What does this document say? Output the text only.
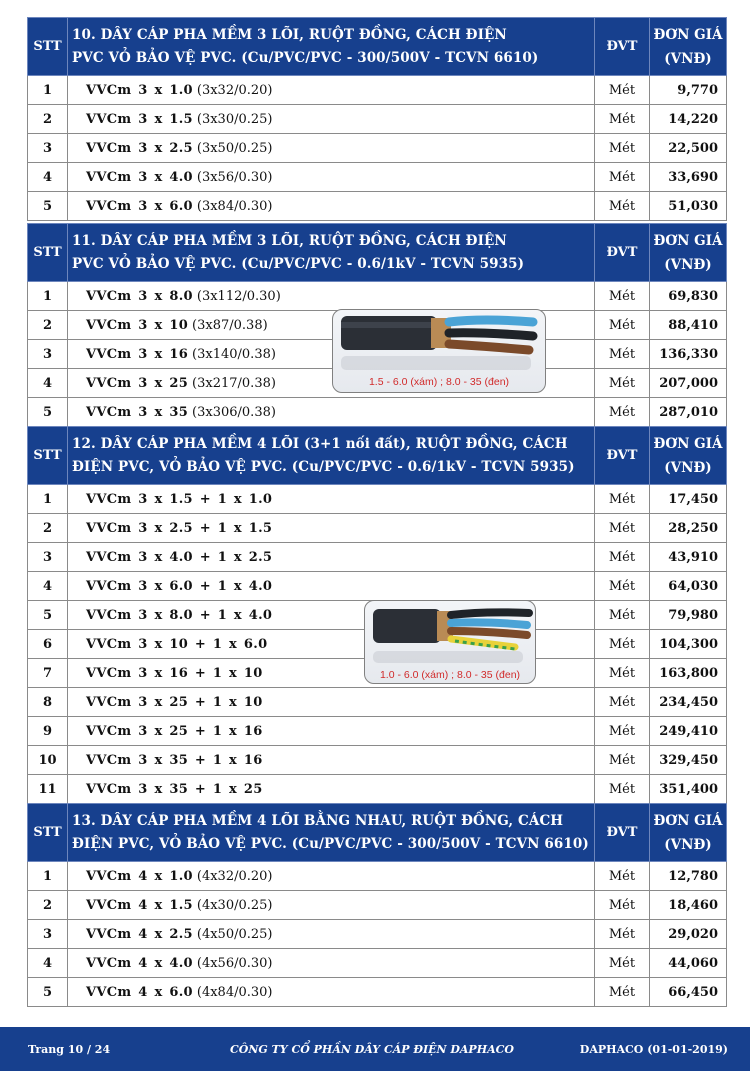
STT	10. DÂY CÁP PHA MỀM 3 LÕI, RUỘT ĐỒNG, CÁCH ĐIỆN
PVC VỎ BẢO VỆ PVC. (Cu/PVC/PVC - 300/500V - TCVN 6610)	ĐVT	ĐƠN GIÁ
(VNĐ)

1	VVCm 3 x 1.0 (3x32/0.20)	Mét	9,770
2	VVCm 3 x 1.5 (3x30/0.25)	Mét	14,220
3	VVCm 3 x 2.5 (3x50/0.25)	Mét	22,500
4	VVCm 3 x 4.0 (3x56/0.30)	Mét	33,690
5	VVCm 3 x 6.0 (3x84/0.30)	Mét	51,030
STT	11. DÂY CÁP PHA MỀM 3 LÕI, RUỘT ĐỒNG, CÁCH ĐIỆN
PVC VỎ BẢO VỆ PVC. (Cu/PVC/PVC - 0.6/1kV - TCVN 5935)	ĐVT	ĐƠN GIÁ
(VNĐ)

1	VVCm 3 x 8.0 (3x112/0.30)	Mét	69,830
2	VVCm 3 x 10 (3x87/0.38)	Mét	88,410
3	VVCm 3 x 16 (3x140/0.38)	Mét	136,330
4	VVCm 3 x 25 (3x217/0.38)	Mét	207,000
5	VVCm 3 x 35 (3x306/0.38)	Mét	287,010
STT	12. DÂY CÁP PHA MỀM 4 LÕI (3+1 nối đất), RUỘT ĐỒNG, CÁCH
ĐIỆN PVC, VỎ BẢO VỆ PVC. (Cu/PVC/PVC - 0.6/1kV - TCVN 5935)	ĐVT	ĐƠN GIÁ
(VNĐ)

1	VVCm 3 x 1.5 + 1 x 1.0	Mét	17,450
2	VVCm 3 x 2.5 + 1 x 1.5	Mét	28,250
3	VVCm 3 x 4.0 + 1 x 2.5	Mét	43,910
4	VVCm 3 x 6.0 + 1 x 4.0	Mét	64,030
5	VVCm 3 x 8.0 + 1 x 4.0	Mét	79,980
6	VVCm 3 x 10 + 1 x 6.0	Mét	104,300
7	VVCm 3 x 16 + 1 x 10	Mét	163,800
8	VVCm 3 x 25 + 1 x 10	Mét	234,450
9	VVCm 3 x 25 + 1 x 16	Mét	249,410
10	VVCm 3 x 35 + 1 x 16	Mét	329,450
11	VVCm 3 x 35 + 1 x 25	Mét	351,400
STT	13. DÂY CÁP PHA MỀM 4 LÕI BẰNG NHAU, RUỘT ĐỒNG, CÁCH
ĐIỆN PVC, VỎ BẢO VỆ PVC. (Cu/PVC/PVC - 300/500V - TCVN 6610)	ĐVT	ĐƠN GIÁ
(VNĐ)

1	VVCm 4 x 1.0 (4x32/0.20)	Mét	12,780
2	VVCm 4 x 1.5 (4x30/0.25)	Mét	18,460
3	VVCm 4 x 2.5 (4x50/0.25)	Mét	29,020
4	VVCm 4 x 4.0 (4x56/0.30)	Mét	44,060
5	VVCm 4 x 6.0 (4x84/0.30)	Mét	66,450
1.5 - 6.0 (xám) ; 8.0 - 35 (đen)
1.0 - 6.0 (xám) ; 8.0 - 35 (đen)
Trang 10 / 24	CÔNG TY CỔ PHẦN DÂY CÁP ĐIỆN DAPHACO	DAPHACO (01-01-2019)
